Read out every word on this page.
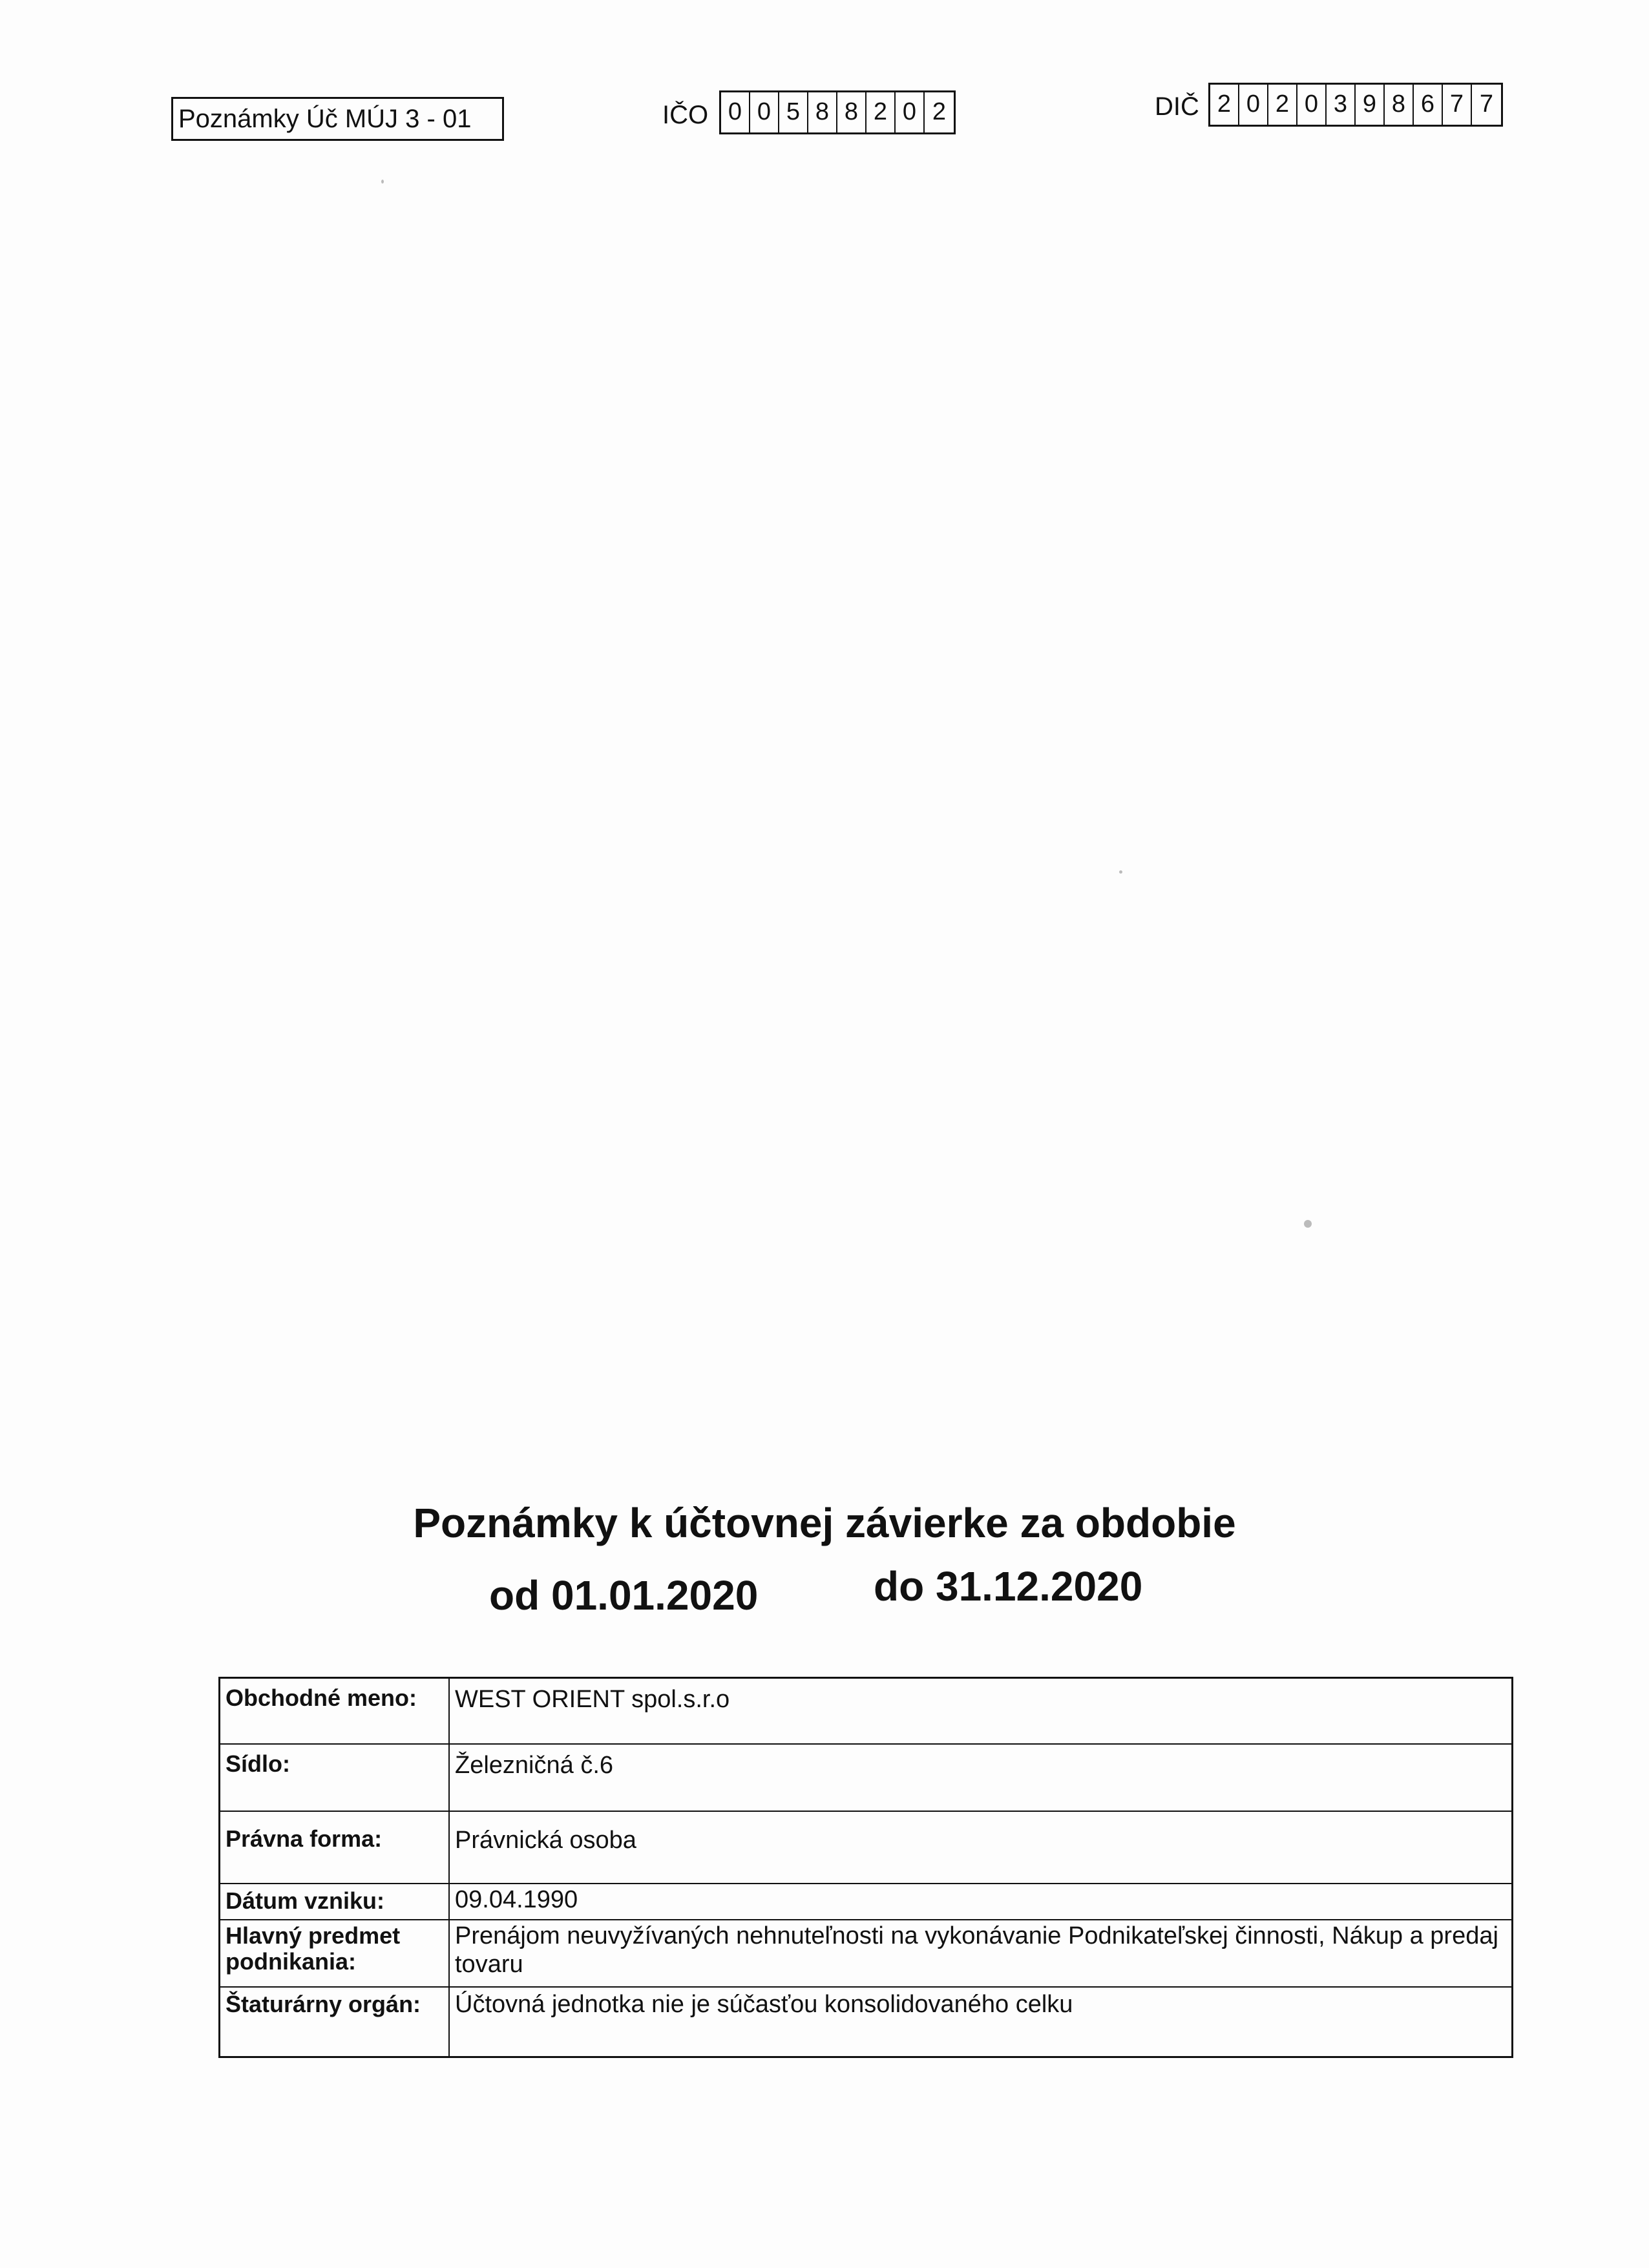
Poznámky Úč MÚJ 3 - 01	IČO 0 0 5 8 8 2 0 2	DIČ 2 0 2 0 3 9 8 6 7 7
Poznámky k účtovnej závierke za obdobie
od 01.01.2020	do 31.12.2020
Obchodné meno:	WEST ORIENT spol.s.r.o
Sídlo:	Železničná č.6
Právna forma:	Právnická osoba
Dátum vzniku:	09.04.1990
Hlavný predmet podnikania:
Prenájom neuvyžívaných nehnuteľnosti na vykonávanie Podnikateľskej činnosti, Nákup a predaj tovaru
Štaturárny orgán:	Účtovná jednotka nie je súčasťou konsolidovaného celku
